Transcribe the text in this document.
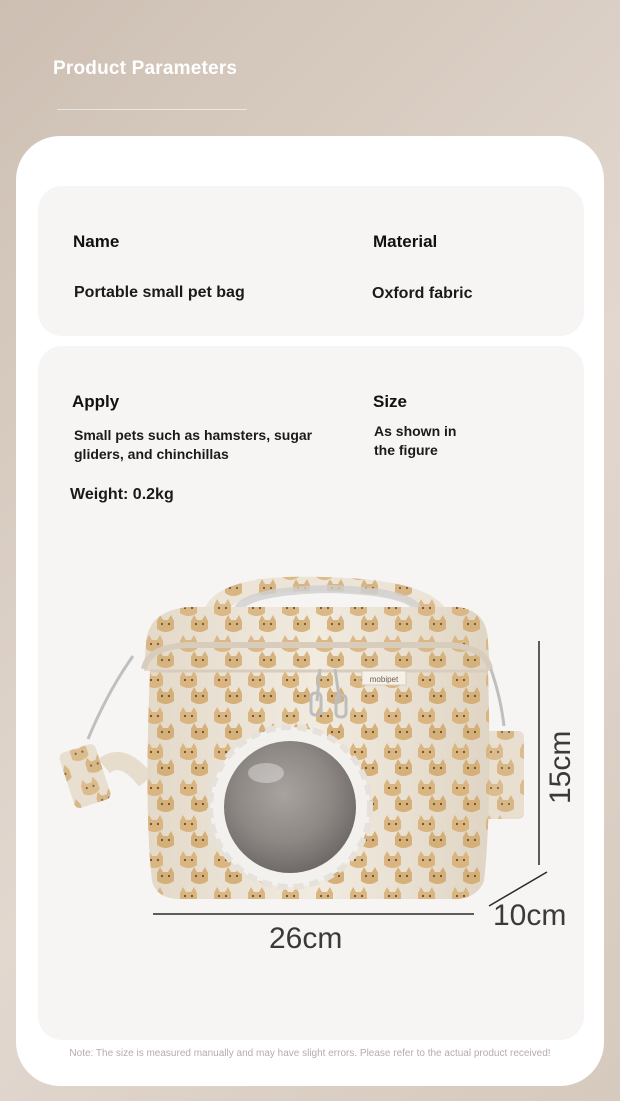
Product Parameters
Name
Portable small pet bag
Material
Oxford fabric
Apply
Small pets such as hamsters, sugar
gliders, and chinchillas
Size
As shown in
the figure
Weight: 0.2kg
mobipet
26cm
10cm
15cm
Note: The size is measured manually and may have slight errors. Please refer to the actual product received!
